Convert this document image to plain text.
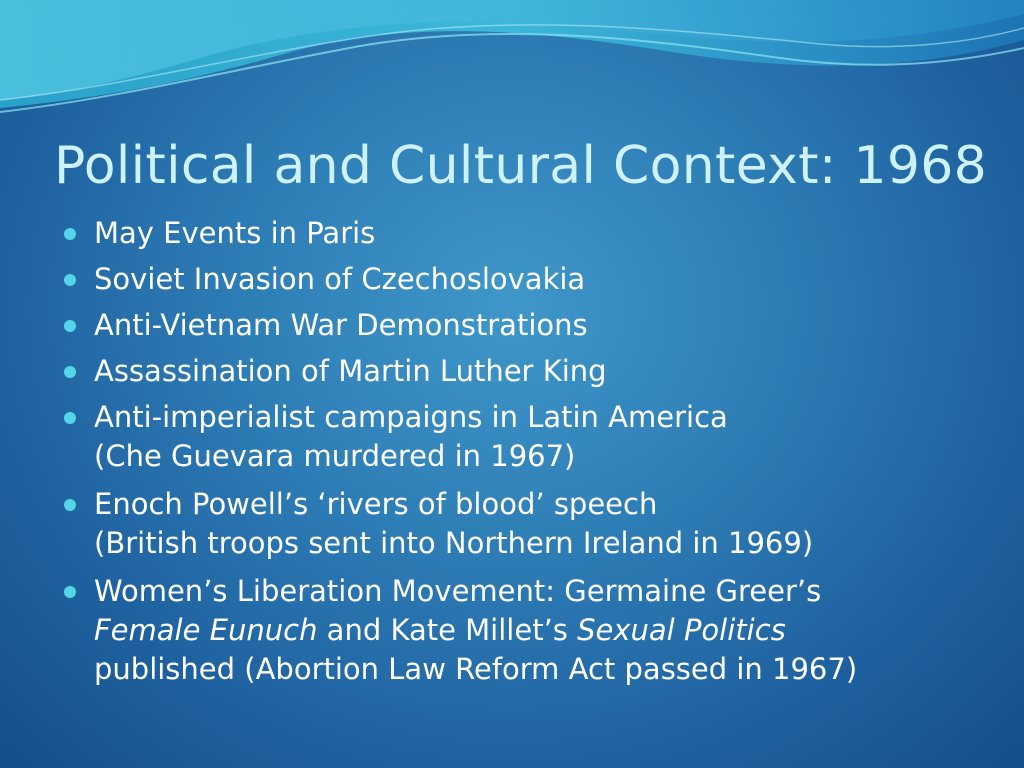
Political and Cultural Context: 1968
May Events in Paris
Soviet Invasion of Czechoslovakia
Anti-Vietnam War Demonstrations
Assassination of Martin Luther King
Anti-imperialist campaigns in Latin America
(Che Guevara murdered in 1967)
Enoch Powell’s ‘rivers of blood’ speech
(British troops sent into Northern Ireland in 1969)
Women’s Liberation Movement: Germaine Greer’s
Female Eunuch and Kate Millet’s Sexual Politics
published (Abortion Law Reform Act passed in 1967)
